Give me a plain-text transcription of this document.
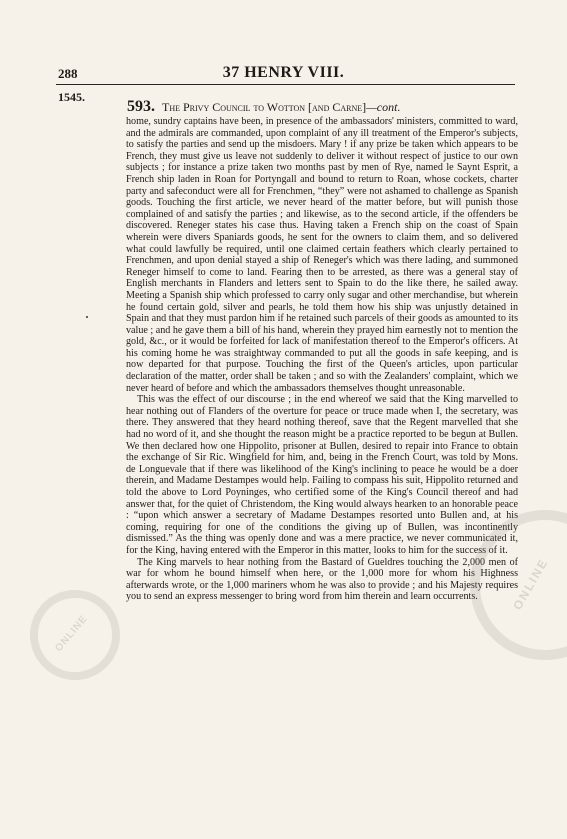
288	37 HENRY VIII.
1545.
593. The Privy Council to Wotton [and Carne]—cont.

home, sundry captains have been, in presence of the ambassadors' ministers, committed to ward, and the admirals are commanded, upon complaint of any ill treatment of the Emperor's subjects, to satisfy the parties and send up the misdoers. Mary ! if any prize be taken which appears to be French, they must give us leave not suddenly to deliver it without respect of justice to our own subjects ; for instance a prize taken two months past by men of Rye, named le Saynt Esprit, a French ship laden in Roan for Portyngall and bound to return to Roan, whose cockets, charter party and safeconduct were all for Frenchmen, “they” were not ashamed to challenge as Spanish goods. Touching the first article, we never heard of the matter before, but will punish those complained of and satisfy the parties ; and likewise, as to the second article, if the offenders be discovered. Reneger states his case thus. Having taken a French ship on the coast of Spain wherein were divers Spaniards goods, he sent for the owners to claim them, and so delivered what could lawfully be required, until one claimed certain feathers which clearly pertained to Frenchmen, and upon denial stayed a ship of Reneger's which was there lading, and summoned Reneger himself to come to land. Fearing then to be arrested, as there was a general stay of English merchants in Flanders and letters sent to Spain to do the like there, he sailed away. Meeting a Spanish ship which professed to carry only sugar and other merchandise, but wherein he found certain gold, silver and pearls, he told them how his ship was unjustly detained in Spain and that they must pardon him if he retained such parcels of their goods as amounted to its value ; and he gave them a bill of his hand, wherein they prayed him earnestly not to mention the gold, &c., or it would be forfeited for lack of manifestation thereof to the Emperor's officers. At his coming home he was straightway commanded to put all the goods in safe keeping, and is now departed for that purpose. Touching the first of the Queen's articles, upon particular declaration of the matter, order shall be taken ; and so with the Zealanders' complaint, which we never heard of before and which the ambassadors themselves thought unreasonable.

This was the effect of our discourse ; in the end whereof we said that the King marvelled to hear nothing out of Flanders of the overture for peace or truce made when I, the secretary, was there. They answered that they heard nothing thereof, save that the Regent marvelled that she had no word of it, and she thought the reason might be a practice reported to be begun at Bullen. We then declared how one Hippolito, prisoner at Bullen, desired to repair into France to obtain the exchange of Sir Ric. Wingfield for him, and, being in the French Court, was told by Mons. de Longuevale that if there was likelihood of the King's inclining to peace he would be a doer therein, and Madame Destampes would help. Failing to compass his suit, Hippolito returned and told the above to Lord Poyninges, who certified some of the King's Council thereof and had answer that, for the quiet of Christendom, the King would always hearken to an honorable peace : “upon which answer a secretary of Madame Destampes resorted unto Bullen and, at his coming, requiring for one of the conditions the giving up of Bullen, was incontinently dismissed.” As the thing was openly done and was a mere practice, we never communicated it, for the King, having entered with the Emperor in this matter, looks to him for the success of it.

The King marvels to hear nothing from the Bastard of Gueldres touching the 2,000 men of war for whom he bound himself when here, or the 1,000 more for whom his Highness afterwards wrote, or the 1,000 mariners whom he was also to provide ; and his Majesty requires you to send an express messenger to bring word from him therein and learn occurrents.	ONLINE
ONLINE
